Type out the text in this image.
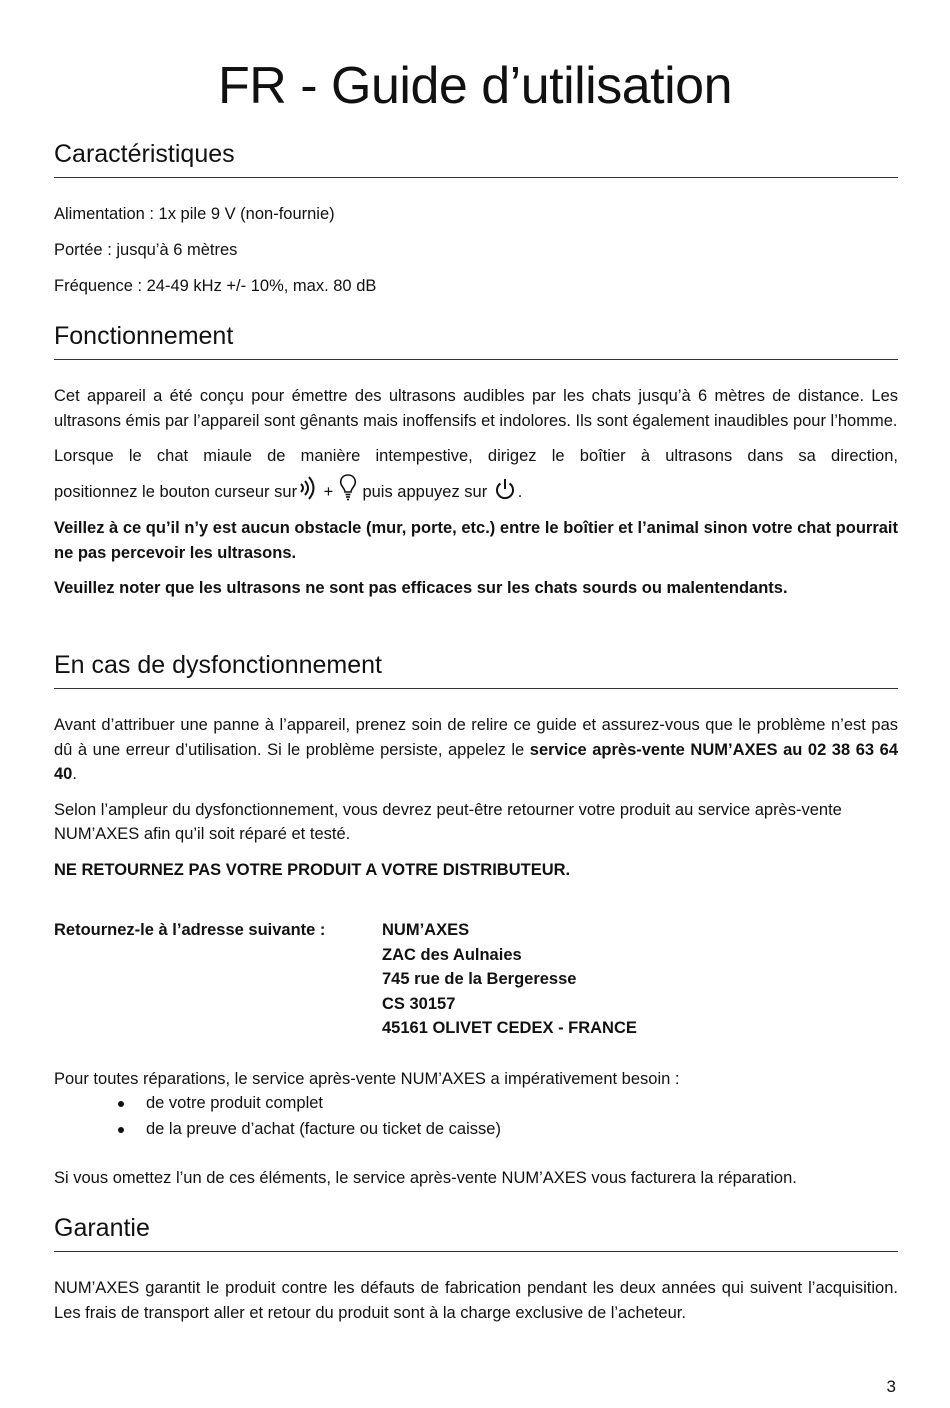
FR - Guide d’utilisation
Caractéristiques

Alimentation : 1x pile 9 V (non-fournie)

Portée : jusqu’à 6 mètres

Fréquence : 24-49 kHz +/- 10%, max. 80 dB

Fonctionnement

Cet appareil a été conçu pour émettre des ultrasons audibles par les chats jusqu’à 6 mètres de distance. Les ultrasons émis par l’appareil sont gênants mais inoffensifs et indolores. Ils sont également inaudibles pour l’homme.

Lorsque le chat miaule de manière intempestive, dirigez le boîtier à ultrasons dans sa direction,

positionnez le bouton curseur sur +  puis appuyez sur .

Veillez à ce qu’il n’y est aucun obstacle (mur, porte, etc.) entre le boîtier et l’animal sinon votre chat pourrait ne pas percevoir les ultrasons.

Veuillez noter que les ultrasons ne sont pas efficaces sur les chats sourds ou malentendants.

En cas de dysfonctionnement

Avant d’attribuer une panne à l’appareil, prenez soin de relire ce guide et assurez-vous que le problème n’est pas dû à une erreur d’utilisation. Si le problème persiste, appelez le service après-vente NUM’AXES au 02 38 63 64 40.

Selon l’ampleur du dysfonctionnement, vous devrez peut-être retourner votre produit au service après-vente NUM’AXES afin qu’il soit réparé et testé.

NE RETOURNEZ PAS VOTRE PRODUIT A VOTRE DISTRIBUTEUR.

Retournez-le à l’adresse suivante :	NUM’AXES
ZAC des Aulnaies
745 rue de la Bergeresse
CS 30157
45161 OLIVET CEDEX - FRANCE

Pour toutes réparations, le service après-vente NUM’AXES a impérativement besoin :

de votre produit complet
de la preuve d’achat (facture ou ticket de caisse)

Si vous omettez l’un de ces éléments, le service après-vente NUM’AXES vous facturera la réparation.

Garantie

NUM’AXES garantit le produit contre les défauts de fabrication pendant les deux années qui suivent l’acquisition. Les frais de transport aller et retour du produit sont à la charge exclusive de l’acheteur.

3
